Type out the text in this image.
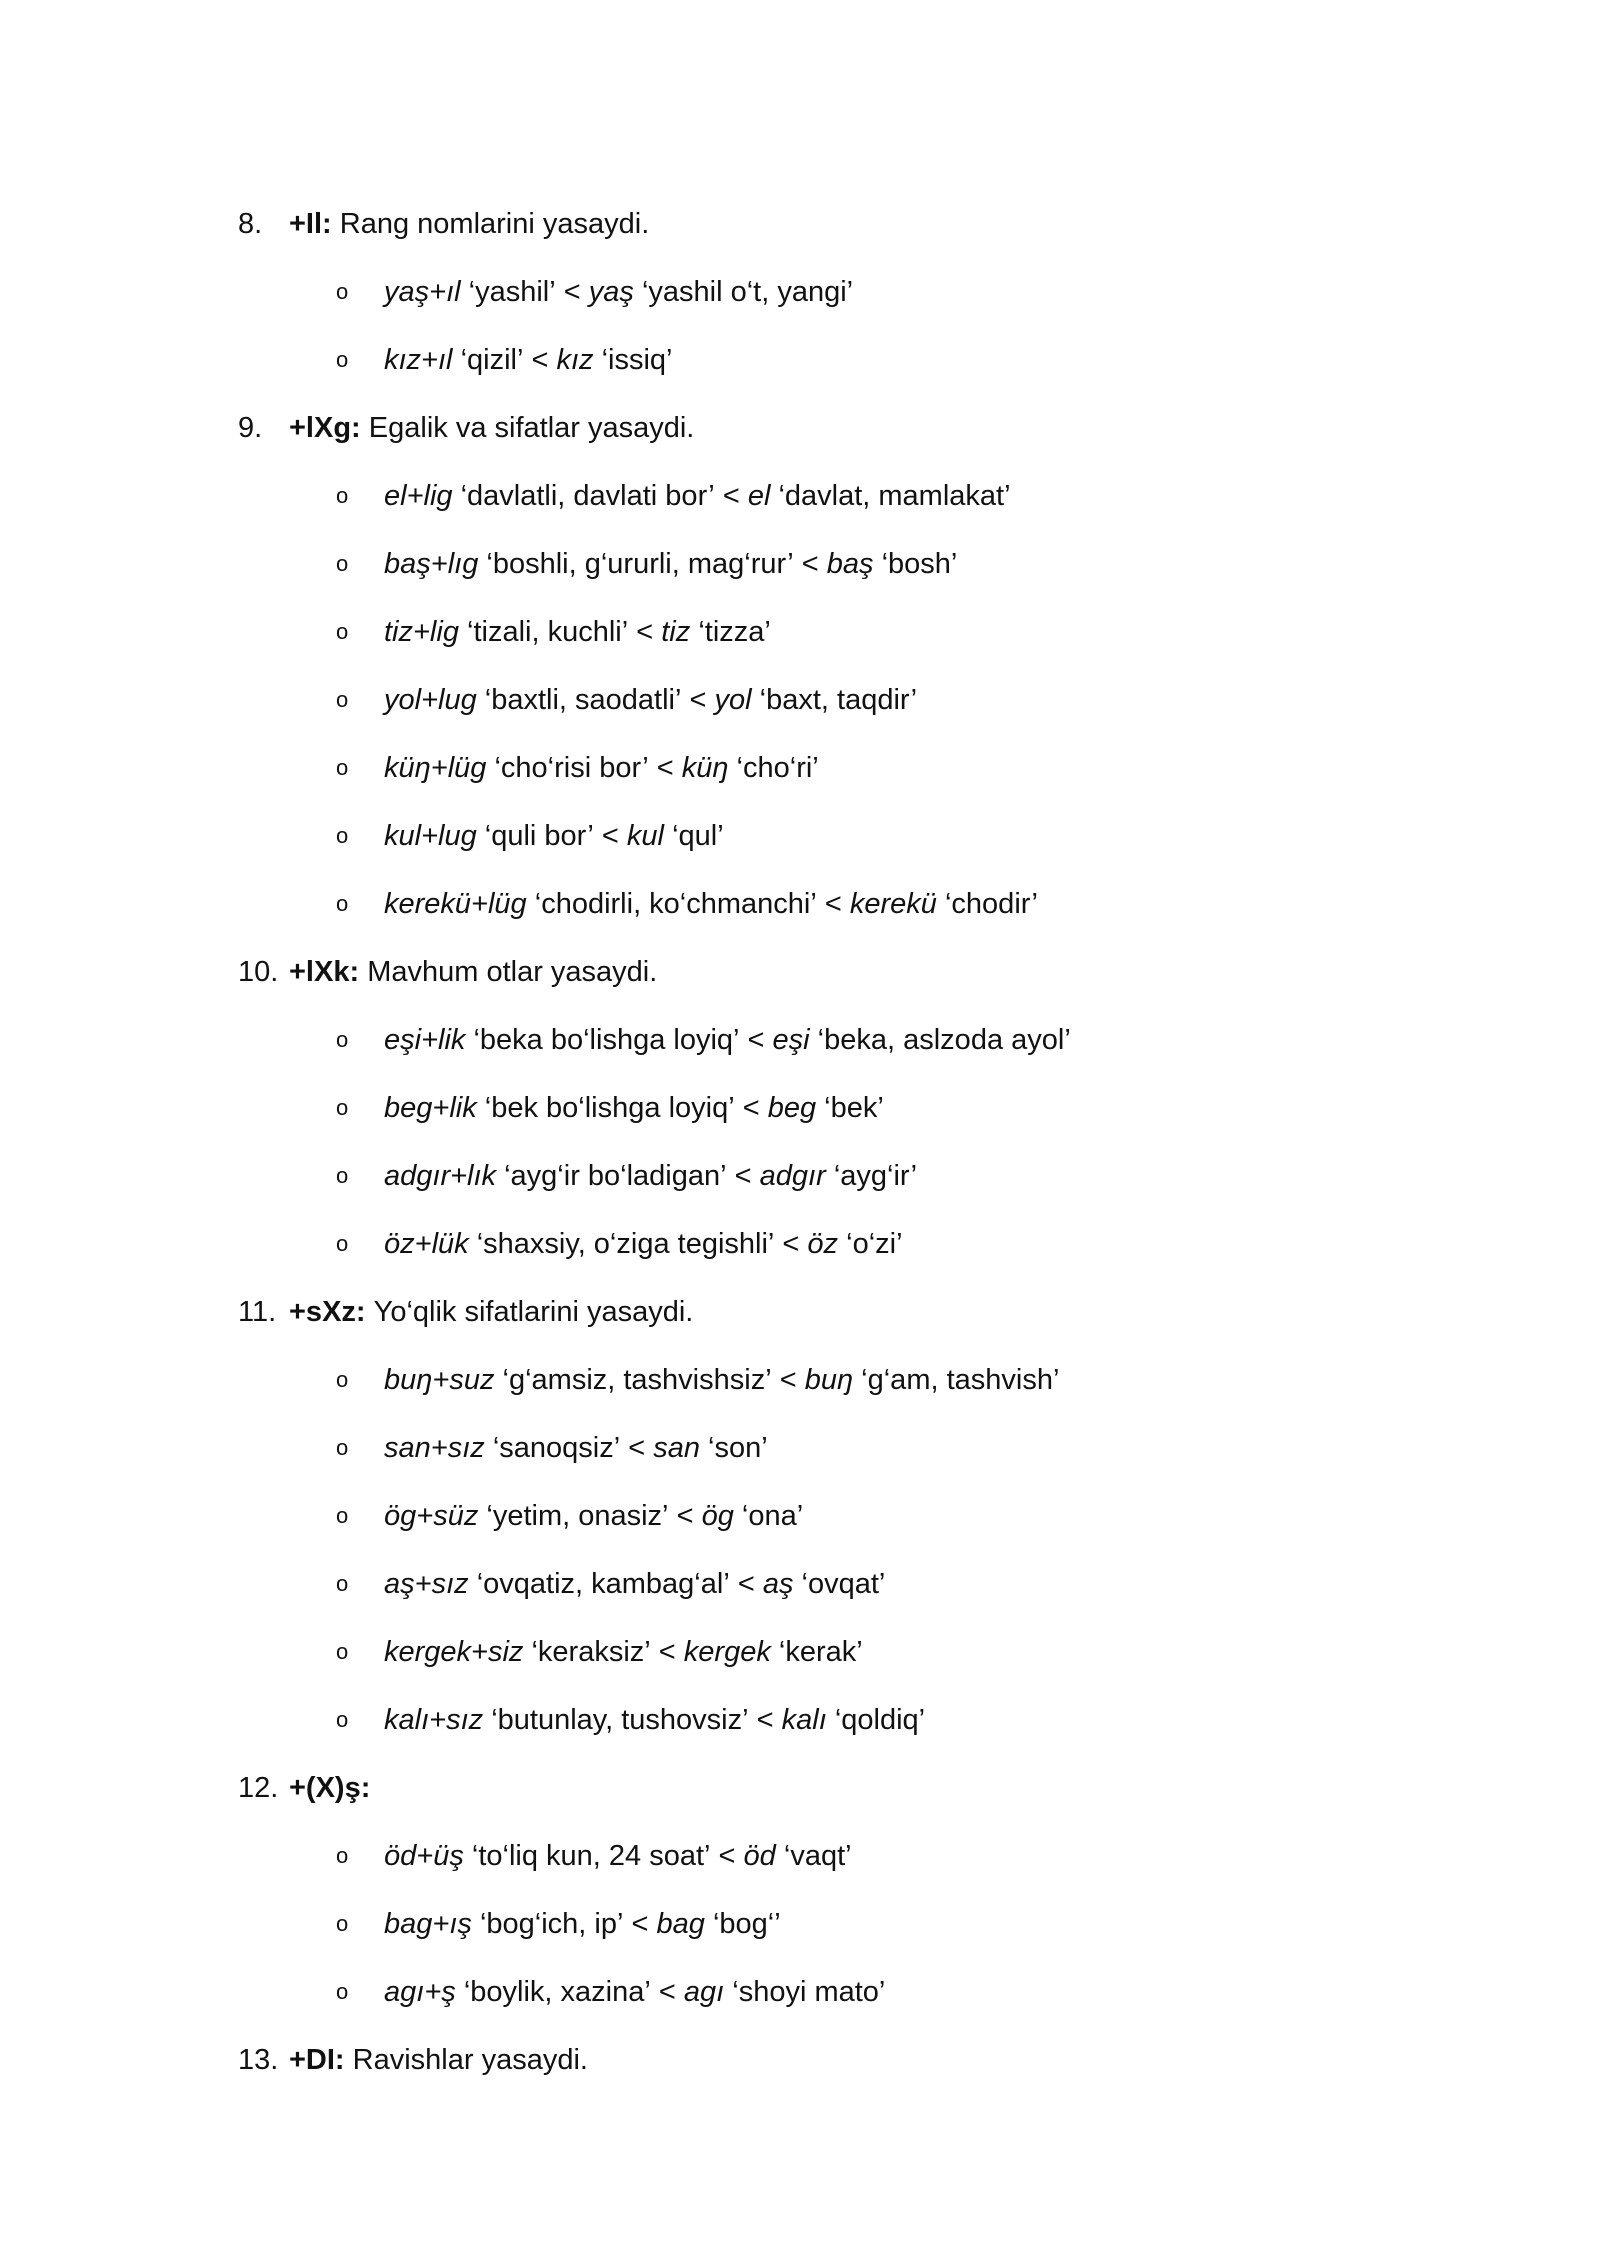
8. +Il:
Rang nomlarini yasaydi.
o	yaş+ıl
‘yashil’
<
yaş
‘yashil o‘t, yangi’
o	kız+ıl
‘qizil’
<
kız
‘issiq’
9. +lXg:
Egalik va sifatlar yasaydi.
o	el+lig
‘davlatli, davlati bor’
<
el
‘davlat, mamlakat’
o	baş+lıg
‘boshli, g‘ururli, mag‘rur’
<
baş
‘bosh’
o	tiz+lig
‘tizali, kuchli’
<
tiz
‘tizza’
o	yol+lug
‘baxtli, saodatli’
<
yol
‘baxt, taqdir’
o	küŋ+lüg
‘cho‘risi bor’
<
küŋ
‘cho‘ri’
o	kul+lug
‘quli bor’
<
kul
‘qul’
o	kerekü+lüg
‘chodirli, ko‘chmanchi’
<
kerekü
‘chodir’
10. +lXk:
Mavhum otlar yasaydi.
o	eşi+lik
‘beka bo‘lishga loyiq’
<
eşi
‘beka, aslzoda ayol’
o	beg+lik
‘bek bo‘lishga loyiq’
<
beg
‘bek’
o	adgır+lık
‘ayg‘ir bo‘ladigan’
<
adgır
‘ayg‘ir’
o	öz+lük
‘shaxsiy, o‘ziga tegishli’
<
öz
‘o‘zi’
11. +sXz:
Yo‘qlik sifatlarini yasaydi.
o	buŋ+suz
‘g‘amsiz, tashvishsiz’
<
buŋ
‘g‘am, tashvish’
o	san+sız
‘sanoqsiz’
<
san
‘son’
o	ög+süz
‘yetim, onasiz’
<
ög
‘ona’
o	aş+sız
‘ovqatiz, kambag‘al’
<
aş
‘ovqat’
o	kergek+siz
‘keraksiz’
<
kergek
‘kerak’
o	kalı+sız
‘butunlay, tushovsiz’
<
kalı
‘qoldiq’
12. +(X)ş:
o	öd+üş
‘to‘liq kun, 24 soat’
<
öd
‘vaqt’
o	bag+ış
‘bog‘ich, ip’
<
bag
‘bog‘’
o	agı+ş
‘boylik, xazina’
<
agı
‘shoyi mato’
13. +DI:
Ravishlar yasaydi.
